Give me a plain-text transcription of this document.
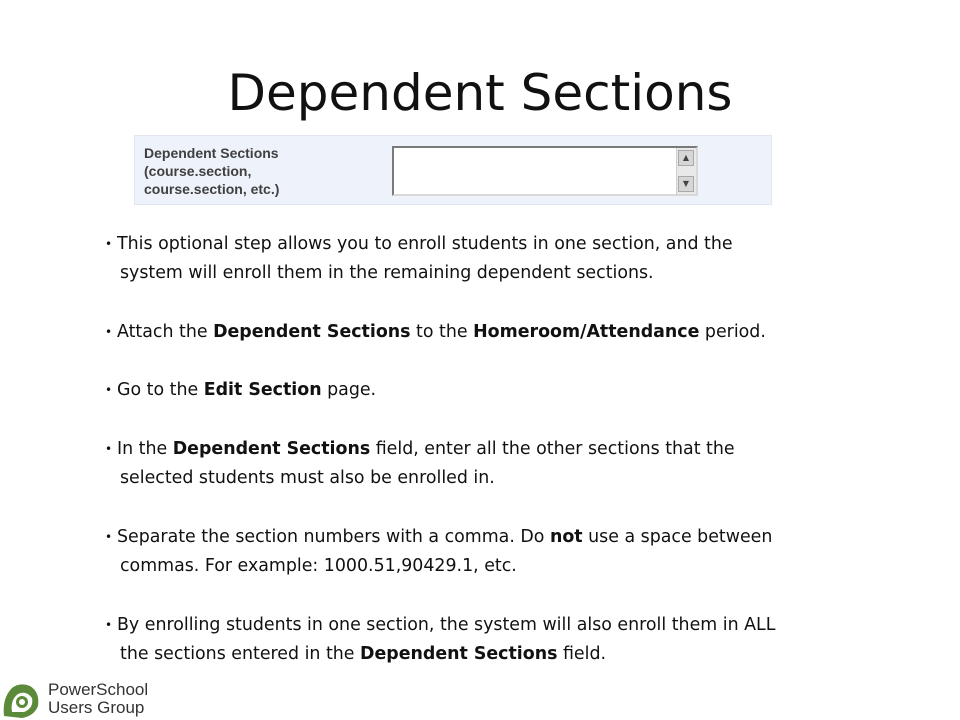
Dependent Sections
Dependent Sections
(course.section,
course.section, etc.)
▲
▼
• This optional step allows you to enroll students in one section, and the
system will enroll them in the remaining dependent sections.
• Attach the Dependent Sections to the Homeroom/Attendance period.
• Go to the Edit Section page.
• In the Dependent Sections field, enter all the other sections that the
selected students must also be enrolled in.
• Separate the section numbers with a comma. Do not use a space between
commas. For example: 1000.51,90429.1, etc.
• By enrolling students in one section, the system will also enroll them in ALL
the sections entered in the Dependent Sections field.
PowerSchool
Users Group
